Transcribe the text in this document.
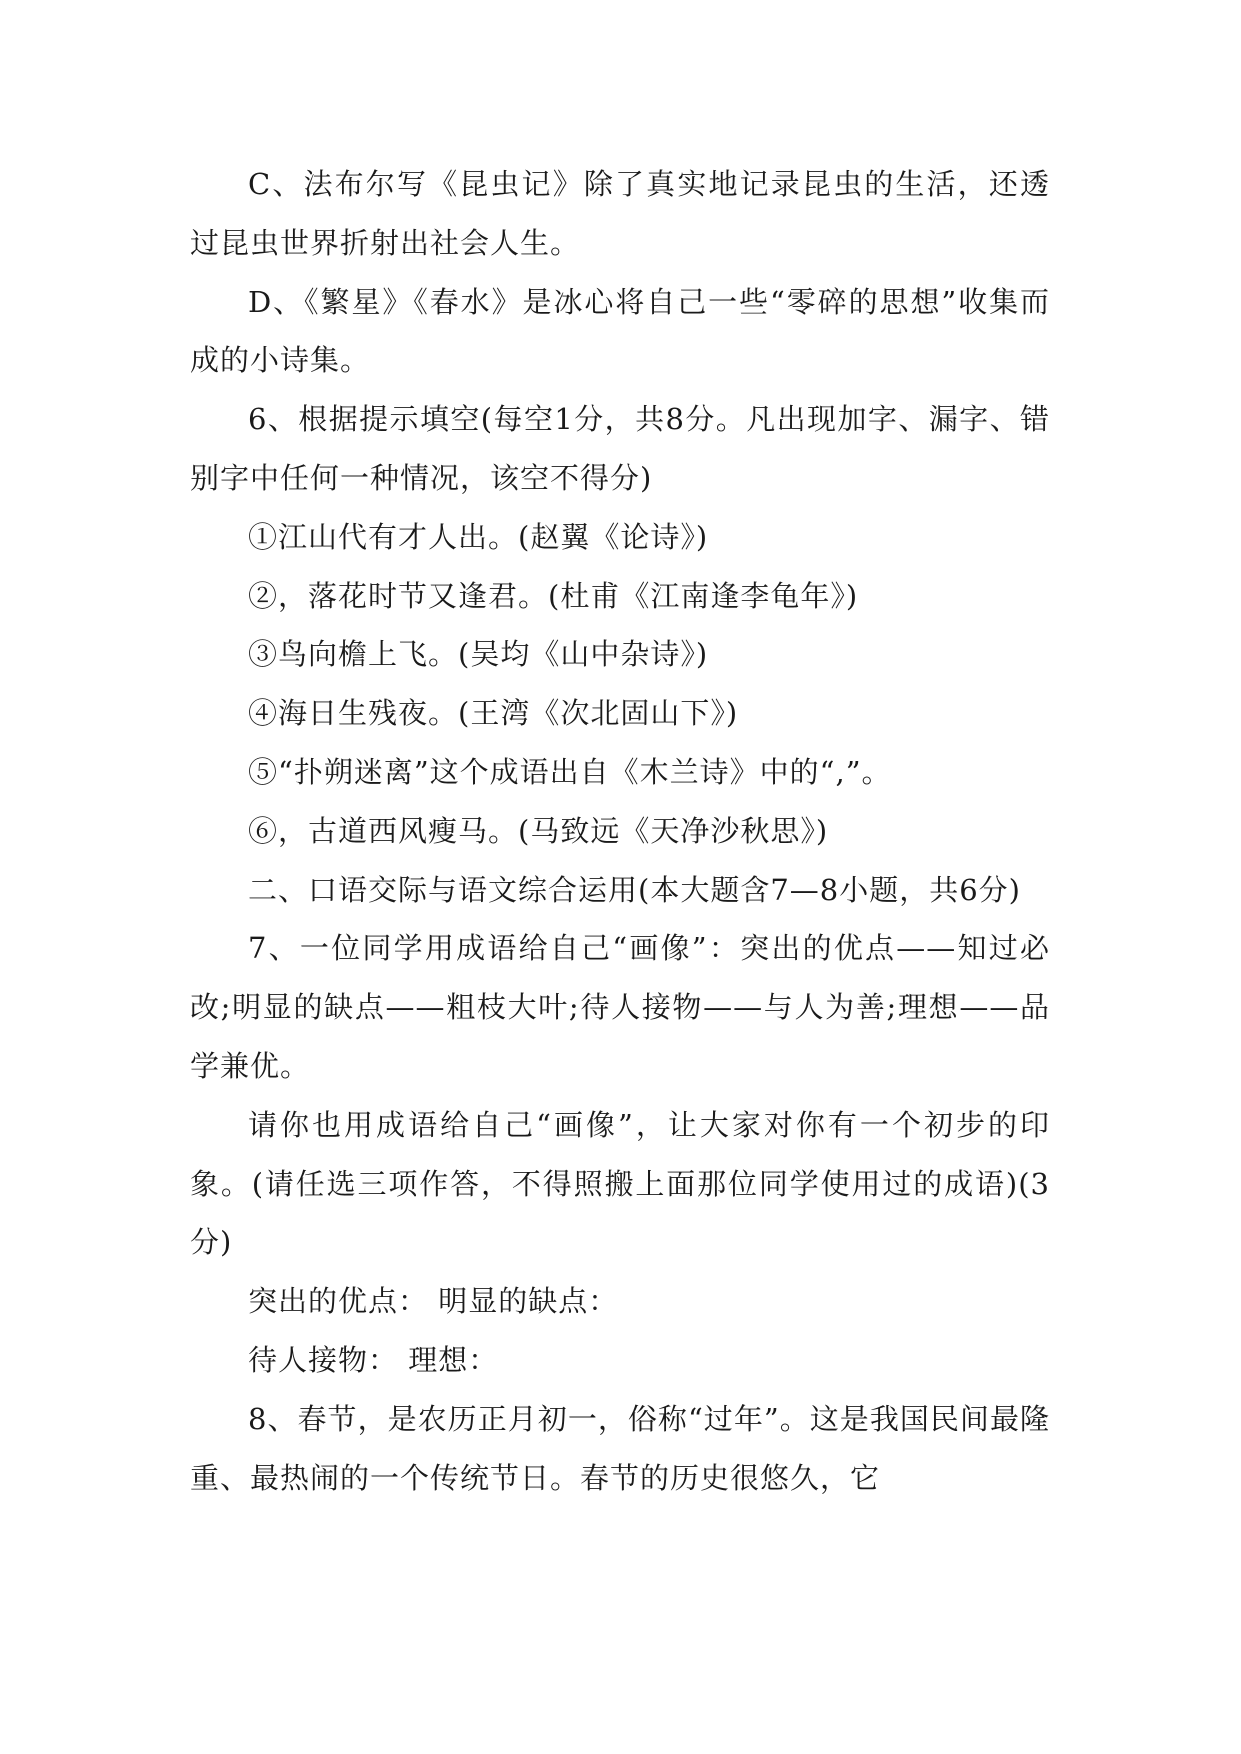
C、法布尔写《昆虫记》除了真实地记录昆虫的生活，还透过昆虫世界折射出社会人生。

D、《繁星》《春水》是冰心将自己一些“零碎的思想”收集而成的小诗集。

6、根据提示填空(每空1分，共8分。凡出现加字、漏字、错别字中任何一种情况，该空不得分)

①江山代有才人出。(赵翼《论诗》)

②，落花时节又逢君。(杜甫《江南逢李龟年》)

③鸟向檐上飞。(吴均《山中杂诗》)

④海日生残夜。(王湾《次北固山下》)

⑤“扑朔迷离”这个成语出自《木兰诗》中的“,”。

⑥，古道西风瘦马。(马致远《天净沙秋思》)

二、口语交际与语文综合运用(本大题含7—8小题，共6分)

7、一位同学用成语给自己“画像”：突出的优点——知过必改;明显的缺点——粗枝大叶;待人接物——与人为善;理想——品学兼优。

请你也用成语给自己“画像”，让大家对你有一个初步的印象。(请任选三项作答，不得照搬上面那位同学使用过的成语)(3分)

突出的优点： 明显的缺点：

待人接物： 理想：

8、春节，是农历正月初一，俗称“过年”。这是我国民间最隆重、最热闹的一个传统节日。春节的历史很悠久，它
